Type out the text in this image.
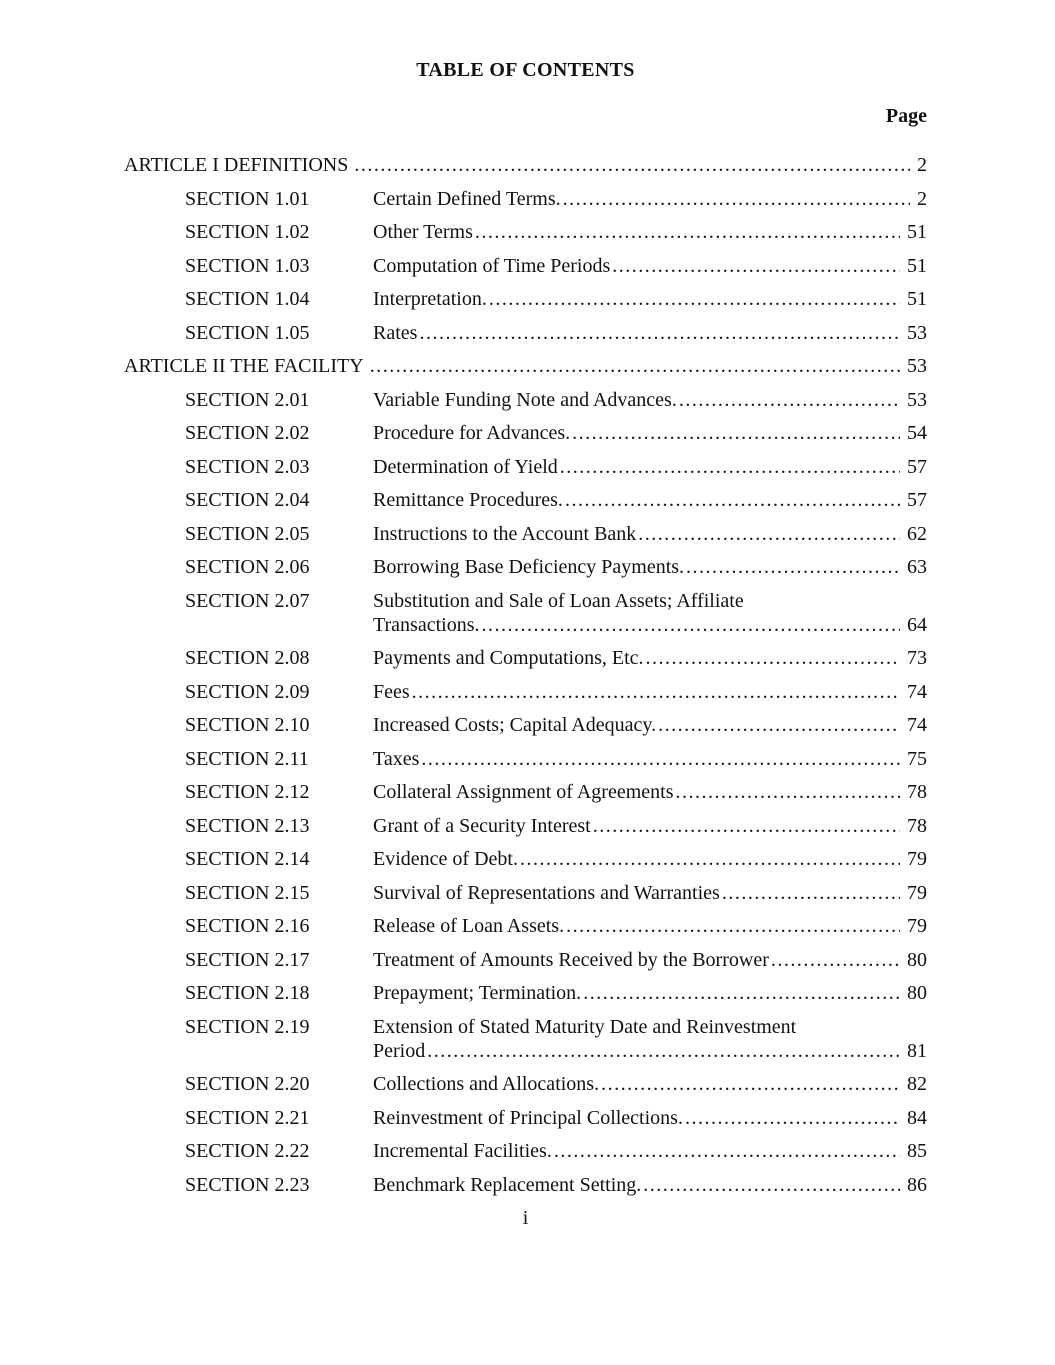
TABLE OF CONTENTS
Page
ARTICLE I DEFINITIONS .....	2
SECTION 1.01	Certain Defined Terms. .....	2
SECTION 1.02	Other Terms .....	51
SECTION 1.03	Computation of Time Periods .....	51
SECTION 1.04	Interpretation. .....	51
SECTION 1.05	Rates .....	53
ARTICLE II THE FACILITY .....	53
SECTION 2.01	Variable Funding Note and Advances. .....	53
SECTION 2.02	Procedure for Advances. .....	54
SECTION 2.03	Determination of Yield .....	57
SECTION 2.04	Remittance Procedures. .....	57
SECTION 2.05	Instructions to the Account Bank .....	62
SECTION 2.06	Borrowing Base Deficiency Payments. .....	63
SECTION 2.07	Substitution and Sale of Loan Assets; Affiliate
Transactions. .....	64
SECTION 2.08	Payments and Computations, Etc. .....	73
SECTION 2.09	Fees .....	74
SECTION 2.10	Increased Costs; Capital Adequacy. .....	74
SECTION 2.11	Taxes .....	75
SECTION 2.12	Collateral Assignment of Agreements .....	78
SECTION 2.13	Grant of a Security Interest .....	78
SECTION 2.14	Evidence of Debt. .....	79
SECTION 2.15	Survival of Representations and Warranties .....	79
SECTION 2.16	Release of Loan Assets. .....	79
SECTION 2.17	Treatment of Amounts Received by the Borrower .....	80
SECTION 2.18	Prepayment; Termination. .....	80
SECTION 2.19	Extension of Stated Maturity Date and Reinvestment
Period .....	81
SECTION 2.20	Collections and Allocations. .....	82
SECTION 2.21	Reinvestment of Principal Collections. .....	84
SECTION 2.22	Incremental Facilities. .....	85
SECTION 2.23	Benchmark Replacement Setting. .....	86
i
